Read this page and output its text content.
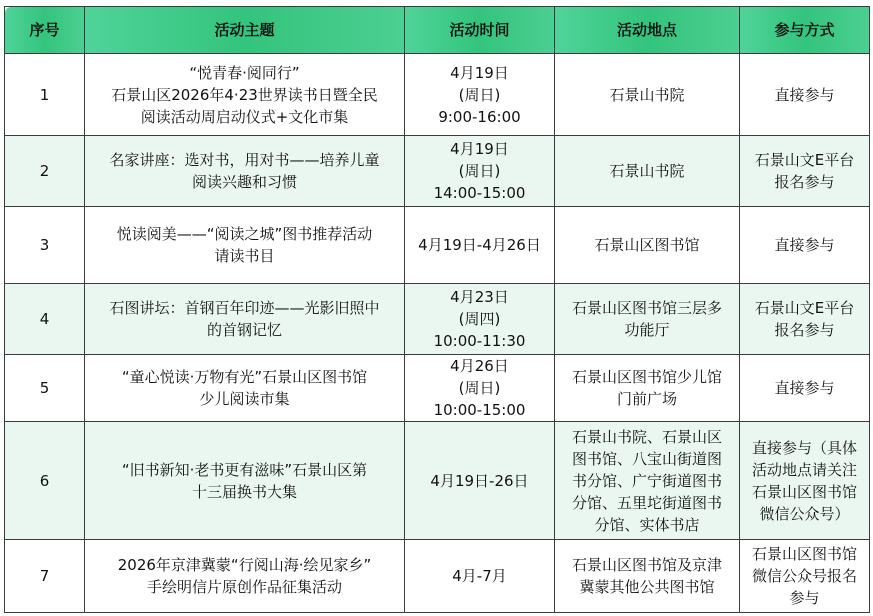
序号	活动主题	活动时间	活动地点	参与方式

1	“悦青春·阅同行”
石景山区2026年4·23世界读书日暨全民
阅读活动周启动仪式+文化市集	4月19日
(周日)
9:00-16:00	石景山书院	直接参与

2	名家讲座：选对书，用对书——培养儿童
阅读兴趣和习惯	4月19日
(周日)
14:00-15:00	石景山书院	石景山文E平台
报名参与

3	悦读阅美——“阅读之城”图书推荐活动
请读书目	4月19日-4月26日	石景山区图书馆	直接参与

4	石图讲坛：首钢百年印迹——光影旧照中
的首钢记忆	4月23日
(周四)
10:00-11:30	石景山区图书馆三层多
功能厅	石景山文E平台
报名参与

5	“童心悦读·万物有光”石景山区图书馆
少儿阅读市集	4月26日
(周日)
10:00-15:00	石景山区图书馆少儿馆
门前广场	直接参与

6	“旧书新知·老书更有滋味”石景山区第
十三届换书大集	4月19日-26日	石景山书院、石景山区
图书馆、八宝山街道图
书分馆、广宁街道图书
分馆、五里坨街道图书
分馆、实体书店	直接参与（具体
活动地点请关注
石景山区图书馆
微信公众号）

7	2026年京津冀蒙“行阅山海·绘见家乡”
手绘明信片原创作品征集活动	4月-7月	石景山区图书馆及京津
冀蒙其他公共图书馆	石景山区图书馆
微信公众号报名
参与
